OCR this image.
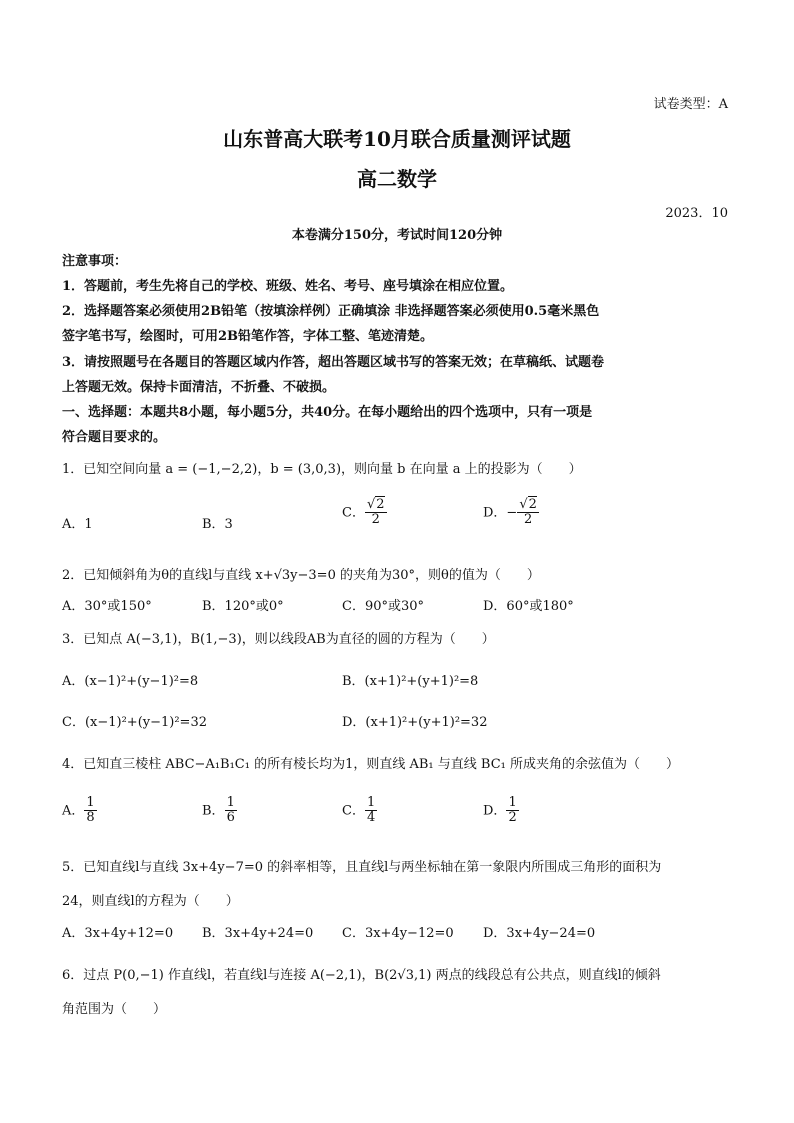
试卷类型：A
山东普高大联考10月联合质量测评试题
高二数学
2023．10
本卷满分150分，考试时间120分钟
注意事项：
1．答题前，考生先将自己的学校、班级、姓名、考号、座号填涂在相应位置。
2．选择题答案必须使用2B铅笔（按填涂样例）正确填涂 非选择题答案必须使用0.5毫米黑色
签字笔书写，绘图时，可用2B铅笔作答，字体工整、笔迹清楚。
3．请按照题号在各题目的答题区域内作答，超出答题区域书写的答案无效；在草稿纸、试题卷
上答题无效。保持卡面清洁，不折叠、不破损。
一、选择题：本题共8小题，每小题5分，共40分。在每小题给出的四个选项中，只有一项是
符合题目要求的。
1．已知空间向量 a = (−1,−2,2)，b = (3,0,3)，则向量 b 在向量 a 上的投影为（　　）
A．1	B．3
C． $\frac{√2}{2}$	D．− $\frac{√2}{2}$
2．已知倾斜角为θ的直线l与直线 x+√3y−3=0 的夹角为30°，则θ的值为（　　）
A．30°或150°	B．120°或0°	C．90°或30°	D．60°或180°
3．已知点 A(−3,1)，B(1,−3)，则以线段AB为直径的圆的方程为（　　）
A．(x−1)²+(y−1)²=8	B．(x+1)²+(y+1)²=8
C．(x−1)²+(y−1)²=32	D．(x+1)²+(y+1)²=32
4．已知直三棱柱 ABC−A₁B₁C₁ 的所有棱长均为1，则直线 AB₁ 与直线 BC₁ 所成夹角的余弦值为（　　）
A． $\frac{1}{8}$	B． $\frac{1}{6}$	C． $\frac{1}{4}$	D． $\frac{1}{2}$
5．已知直线l与直线 3x+4y−7=0 的斜率相等，且直线l与两坐标轴在第一象限内所围成三角形的面积为
24，则直线l的方程为（　　）
A．3x+4y+12=0 B．3x+4y+24=0 C．3x+4y−12=0 D．3x+4y−24=0
6．过点 P(0,−1) 作直线l，若直线l与连接 A(−2,1)，B(2√3,1) 两点的线段总有公共点，则直线l的倾斜
角范围为（　　）
